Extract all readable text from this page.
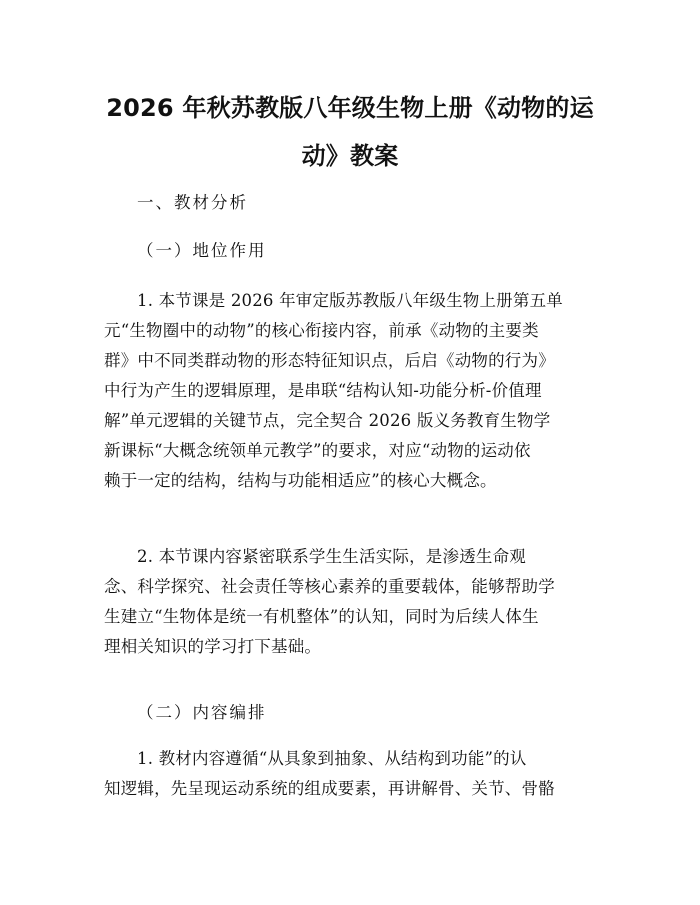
2026 年秋苏教版八年级生物上册《动物的运
动》教案
一、教材分析
（一）地位作用
1. 本节课是 2026 年审定版苏教版八年级生物上册第五单
元“生物圈中的动物”的核心衔接内容，前承《动物的主要类
群》中不同类群动物的形态特征知识点，后启《动物的行为》
中行为产生的逻辑原理，是串联“结构认知-功能分析-价值理
解”单元逻辑的关键节点，完全契合 2026 版义务教育生物学
新课标“大概念统领单元教学”的要求，对应“动物的运动依
赖于一定的结构，结构与功能相适应”的核心大概念。
2. 本节课内容紧密联系学生生活实际，是渗透生命观
念、科学探究、社会责任等核心素养的重要载体，能够帮助学
生建立“生物体是统一有机整体”的认知，同时为后续人体生
理相关知识的学习打下基础。
（二）内容编排
1. 教材内容遵循“从具象到抽象、从结构到功能”的认
知逻辑，先呈现运动系统的组成要素，再讲解骨、关节、骨骼
